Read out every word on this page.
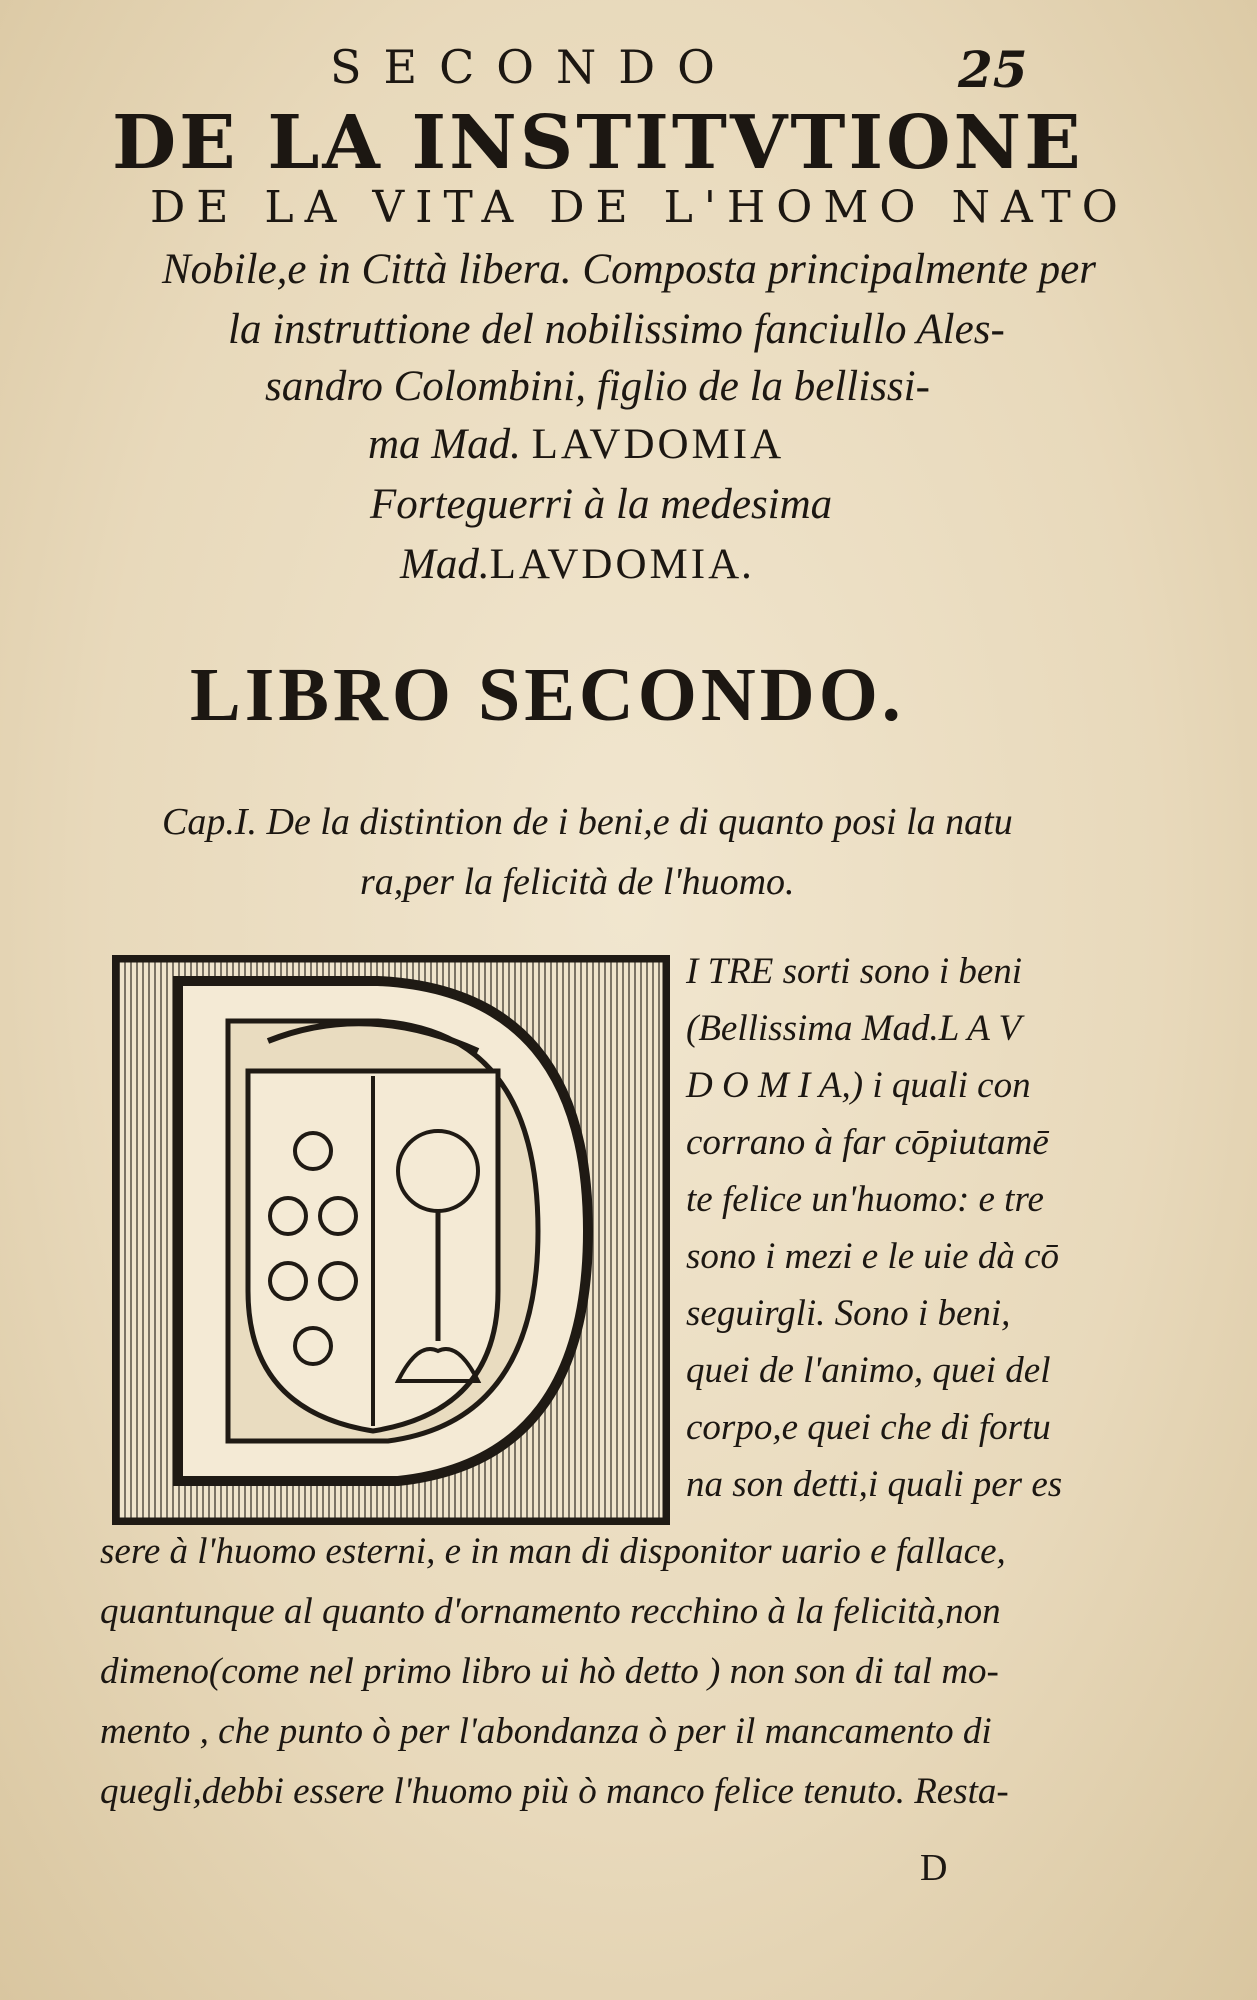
SECONDO	25
DE LA INSTITVTIONE
DE LA VITA DE L'HOMO NATO
Nobile,e in Città libera. Composta principalmente per
la instruttione del nobilissimo fanciullo Ales-
sandro Colombini, figlio de la bellissi-
ma Mad. LAVDOMIA
Forteguerri à la medesima
Mad.LAVDOMIA.
LIBRO SECONDO.
Cap.I. De la distintion de i beni,e di quanto posi la natu
ra,per la felicità de l'huomo.
I TRE sorti sono i beni
(Bellissima Mad.L A V
D O M I A,) i quali con
corrano à far cōpiutamē
te felice un'huomo: e tre
sono i mezi e le uie dà cō
seguirgli. Sono i beni,
quei de l'animo, quei del
corpo,e quei che di fortu
na son detti,i quali per es
sere à l'huomo esterni, e in man di disponitor uario e fallace,
quantunque al quanto d'ornamento recchino à la felicità,non
dimeno(come nel primo libro ui hò detto ) non son di tal mo-
mento , che punto ò per l'abondanza ò per il mancamento di
quegli,debbi essere l'huomo più ò manco felice tenuto. Resta-
D
